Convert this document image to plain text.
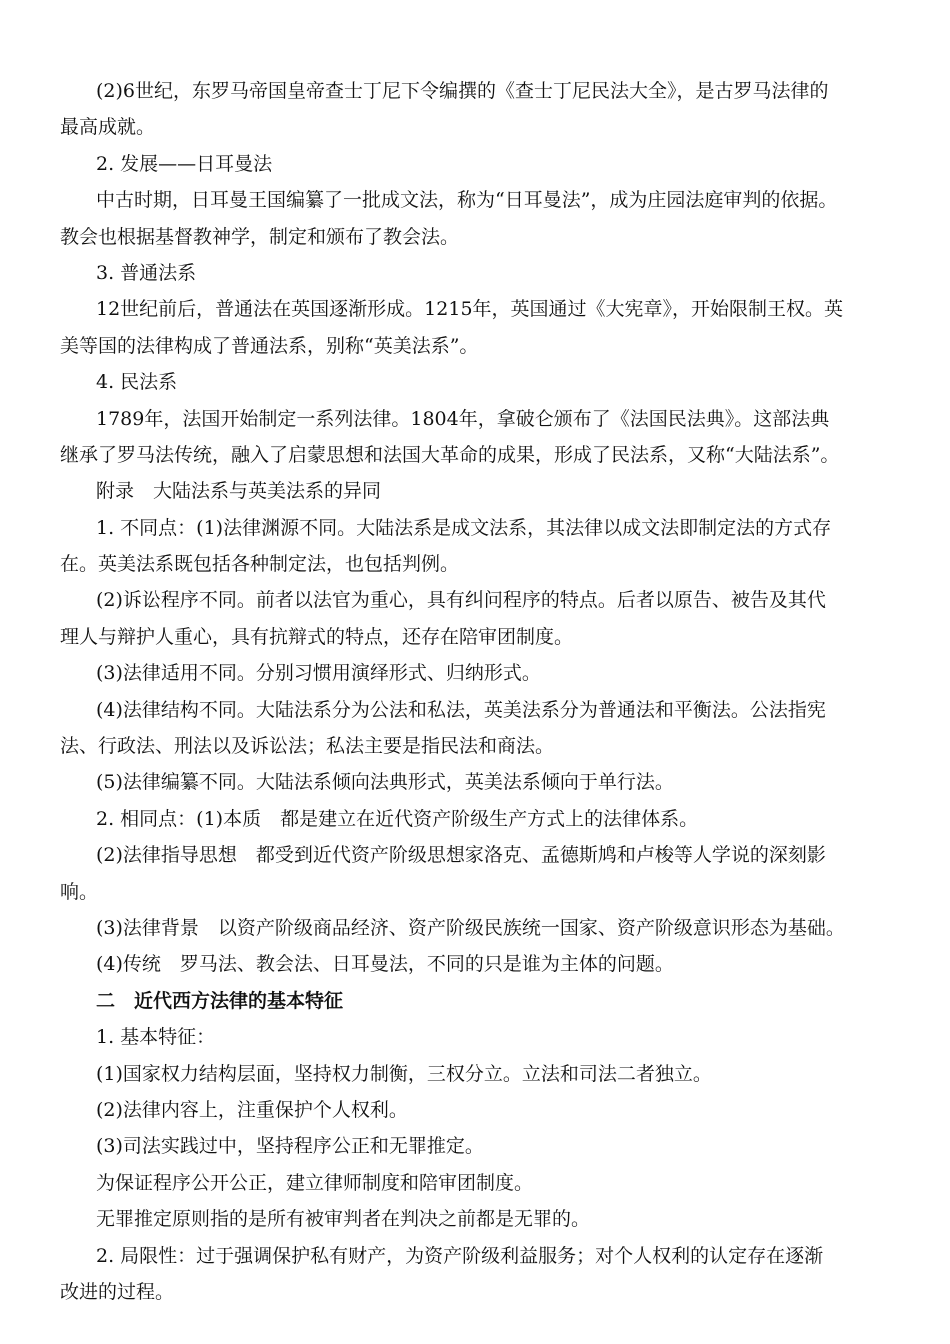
(2)6世纪，东罗马帝国皇帝查士丁尼下令编撰的《查士丁尼民法大全》，是古罗马法律的
最高成就。
2. 发展——日耳曼法
中古时期，日耳曼王国编纂了一批成文法，称为“日耳曼法”，成为庄园法庭审判的依据。
教会也根据基督教神学，制定和颁布了教会法。
3. 普通法系
12世纪前后，普通法在英国逐渐形成。1215年，英国通过《大宪章》，开始限制王权。英
美等国的法律构成了普通法系，别称“英美法系”。
4. 民法系
1789年，法国开始制定一系列法律。1804年，拿破仑颁布了《法国民法典》。这部法典
继承了罗马法传统，融入了启蒙思想和法国大革命的成果，形成了民法系，又称“大陆法系”。
附录　大陆法系与英美法系的异同
1. 不同点：(1)法律渊源不同。大陆法系是成文法系，其法律以成文法即制定法的方式存
在。英美法系既包括各种制定法，也包括判例。
(2)诉讼程序不同。前者以法官为重心，具有纠问程序的特点。后者以原告、被告及其代
理人与辩护人重心，具有抗辩式的特点，还存在陪审团制度。
(3)法律适用不同。分别习惯用演绎形式、归纳形式。
(4)法律结构不同。大陆法系分为公法和私法，英美法系分为普通法和平衡法。公法指宪
法、行政法、刑法以及诉讼法；私法主要是指民法和商法。
(5)法律编纂不同。大陆法系倾向法典形式，英美法系倾向于单行法。
2. 相同点：(1)本质　都是建立在近代资产阶级生产方式上的法律体系。
(2)法律指导思想　都受到近代资产阶级思想家洛克、孟德斯鸠和卢梭等人学说的深刻影
响。
(3)法律背景　以资产阶级商品经济、资产阶级民族统一国家、资产阶级意识形态为基础。
(4)传统　罗马法、教会法、日耳曼法，不同的只是谁为主体的问题。
二　近代西方法律的基本特征
1. 基本特征：
(1)国家权力结构层面，坚持权力制衡，三权分立。立法和司法二者独立。
(2)法律内容上，注重保护个人权利。
(3)司法实践过中，坚持程序公正和无罪推定。
为保证程序公开公正，建立律师制度和陪审团制度。
无罪推定原则指的是所有被审判者在判决之前都是无罪的。
2. 局限性：过于强调保护私有财产，为资产阶级利益服务；对个人权利的认定存在逐渐
改进的过程。
